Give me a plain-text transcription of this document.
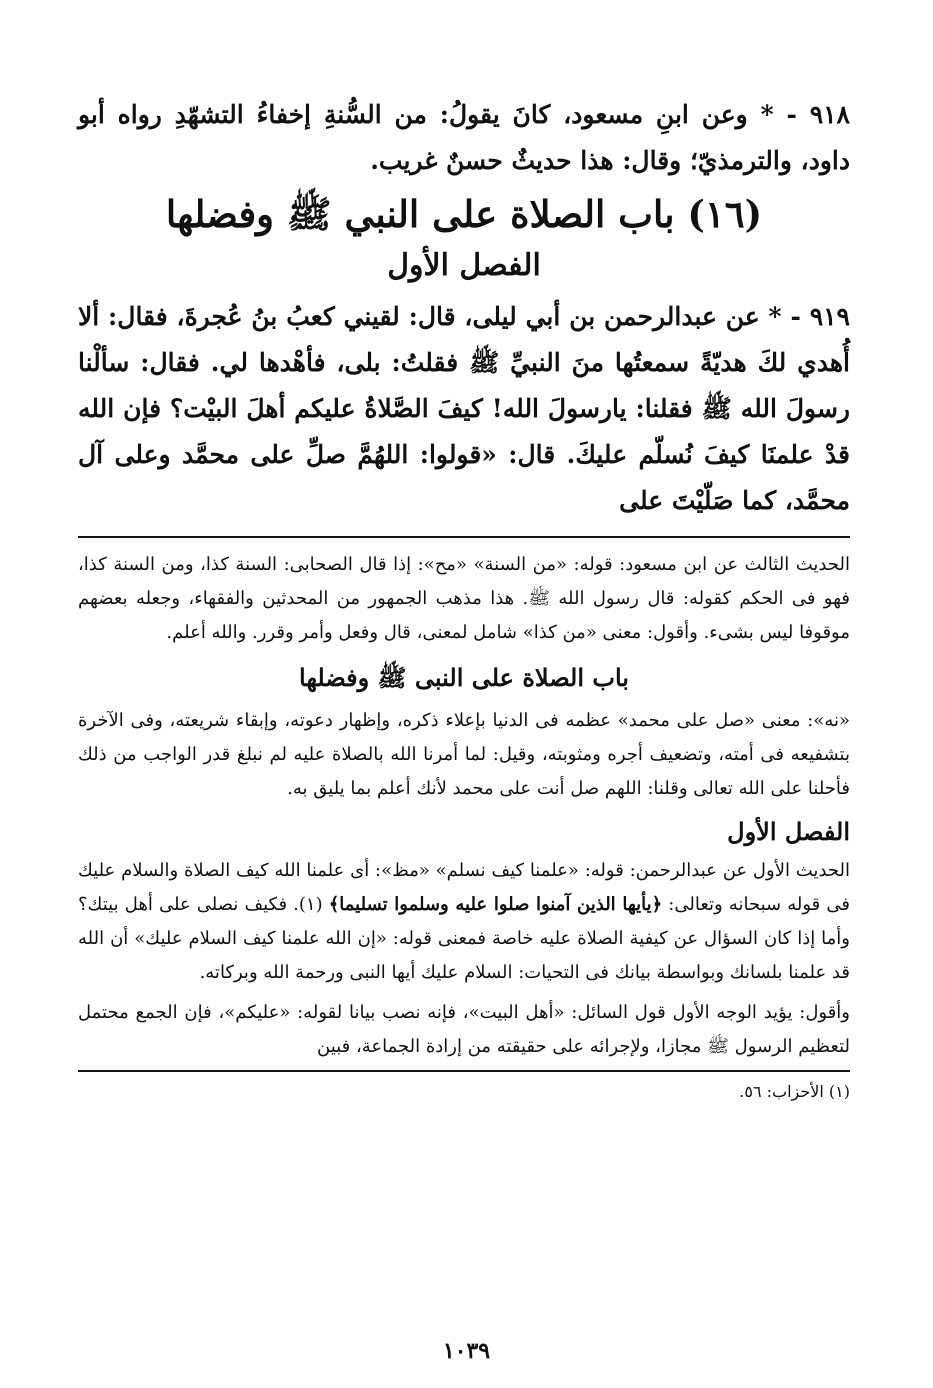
٩١٨ - * وعن ابنِ مسعود، كانَ يقولُ: من السُّنةِ إخفاءُ التشهّدِ رواه أبو داود، والترمذيّ؛ وقال: هذا حديثٌ حسنٌ غريب.

(١٦) باب الصلاة على النبي ﷺ وفضلها
الفصل الأول

٩١٩ - * عن عبدالرحمن بن أبي ليلى، قال: لقيني كعبُ بنُ عُجرةَ، فقال: ألا أُهدي لكَ هديّةً سمعتُها منَ النبيِّ ﷺ فقلتُ: بلى، فأهْدها لي. فقال: سألْنا رسولَ الله ﷺ فقلنا: يارسولَ الله! كيفَ الصَّلاةُ عليكم أهلَ البيْت؟ فإن الله قدْ علمنَا كيفَ نُسلّم عليكَ. قال: «قولوا: اللهُمَّ صلِّ على محمَّد وعلى آل محمَّد، كما صَلّيْتَ على

الحديث الثالث عن ابن مسعود: قوله: «من السنة» «مح»: إذا قال الصحابى: السنة كذا، ومن السنة كذا، فهو فى الحكم كقوله: قال رسول الله ﷺ. هذا مذهب الجمهور من المحدثين والفقهاء، وجعله بعضهم موقوفا ليس بشىء. وأقول: معنى «من كذا» شامل لمعنى، قال وفعل وأمر وقرر. والله أعلم.

باب الصلاة على النبى ﷺ وفضلها

«نه»: معنى «صل على محمد» عظمه فى الدنيا بإعلاء ذكره، وإظهار دعوته، وإبقاء شريعته، وفى الآخرة بتشفيعه فى أمته، وتضعيف أجره ومثوبته، وقيل: لما أمرنا الله بالصلاة عليه لم نبلغ قدر الواجب من ذلك فأحلنا على الله تعالى وقلنا: اللهم صل أنت على محمد لأنك أعلم بما يليق به.

الفصل الأول

الحديث الأول عن عبدالرحمن: قوله: «علمنا كيف نسلم» «مظ»: أى علمنا الله كيف الصلاة والسلام عليك فى قوله سبحانه وتعالى: ﴿يأيها الذين آمنوا صلوا عليه وسلموا تسليما﴾ (١). فكيف نصلى على أهل بيتك؟ وأما إذا كان السؤال عن كيفية الصلاة عليه خاصة فمعنى قوله: «إن الله علمنا كيف السلام عليك» أن الله قد علمنا بلسانك وبواسطة بيانك فى التحيات: السلام عليك أيها النبى ورحمة الله وبركاته.

وأقول: يؤيد الوجه الأول قول السائل: «أهل البيت»، فإنه نصب بيانا لقوله: «عليكم»، فإن الجمع محتمل لتعظيم الرسول ﷺ مجازا، ولإجرائه على حقيقته من إرادة الجماعة، فبين

(١) الأحزاب: ٥٦.
١٠٣٩
